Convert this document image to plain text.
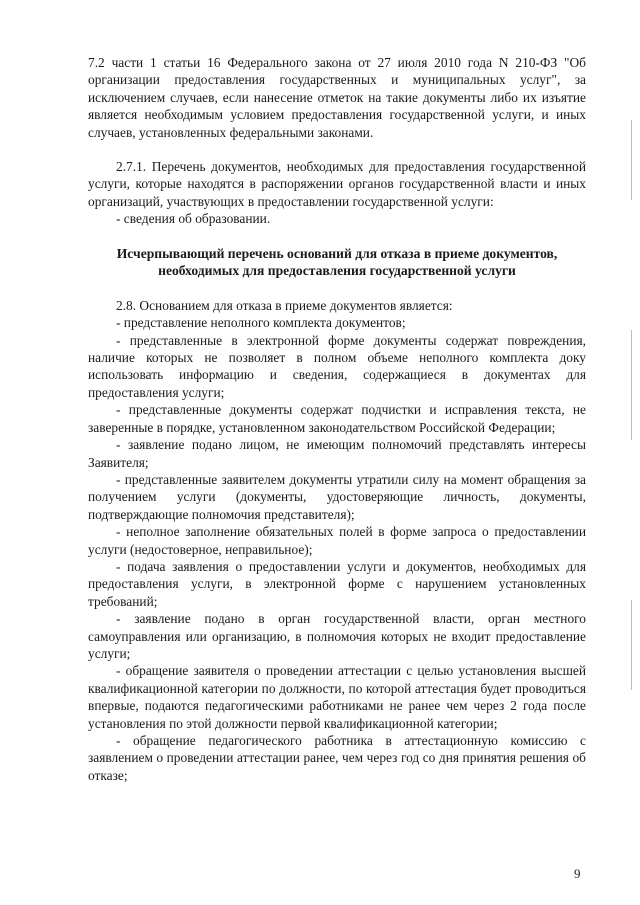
7.2 части 1 статьи 16 Федерального закона от 27 июля 2010 года N 210-ФЗ "Об организации предоставления государственных и муниципальных услуг", за исключением случаев, если нанесение отметок на такие документы либо их изъятие является необходимым условием предоставления государственной услуги, и иных случаев, установленных федеральными законами.

2.7.1. Перечень документов, необходимых для предоставления государственной услуги, которые находятся в распоряжении органов государственной власти и иных организаций, участвующих в предоставлении государственной услуги:

- сведения об образовании.

Исчерпывающий перечень оснований для отказа в приеме документов, необходимых для предоставления государственной услуги

2.8. Основанием для отказа в приеме документов является:

- представление неполного комплекта документов;

- представленные в электронной форме документы содержат повреждения, наличие которых не позволяет в полном объеме неполного комплекта доку использовать информацию и сведения, содержащиеся в документах для предоставления услуги;

- представленные документы содержат подчистки и исправления текста, не заверенные в порядке, установленном законодательством Российской Федерации;

- заявление подано лицом, не имеющим полномочий представлять интересы Заявителя;

- представленные заявителем документы утратили силу на момент обращения за получением услуги (документы, удостоверяющие личность, документы, подтверждающие полномочия представителя);

- неполное заполнение обязательных полей в форме запроса о предоставлении услуги (недостоверное, неправильное);

- подача заявления о предоставлении услуги и документов, необходимых для предоставления услуги, в электронной форме с нарушением установленных требований;

- заявление подано в орган государственной власти, орган местного самоуправления или организацию, в полномочия которых не входит предоставление услуги;

- обращение заявителя о проведении аттестации с целью установления высшей квалификационной категории по должности, по которой аттестация будет проводиться впервые, подаются педагогическими работниками не ранее чем через 2 года после установления по этой должности первой квалификационной категории;

- обращение педагогического работника в аттестационную комиссию с заявлением о проведении аттестации ранее, чем через год со дня принятия решения об отказе;

9
